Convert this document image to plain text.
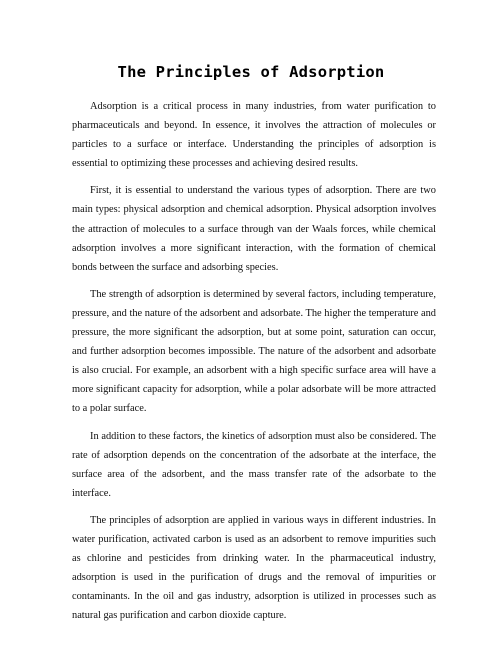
The Principles of Adsorption

Adsorption is a critical process in many industries, from water purification to pharmaceuticals and beyond. In essence, it involves the attraction of molecules or particles to a surface or interface. Understanding the principles of adsorption is essential to optimizing these processes and achieving desired results.

First, it is essential to understand the various types of adsorption. There are two main types: physical adsorption and chemical adsorption. Physical adsorption involves the attraction of molecules to a surface through van der Waals forces, while chemical adsorption involves a more significant interaction, with the formation of chemical bonds between the surface and adsorbing species.

The strength of adsorption is determined by several factors, including temperature, pressure, and the nature of the adsorbent and adsorbate. The higher the temperature and pressure, the more significant the adsorption, but at some point, saturation can occur, and further adsorption becomes impossible. The nature of the adsorbent and adsorbate is also crucial. For example, an adsorbent with a high specific surface area will have a more significant capacity for adsorption, while a polar adsorbate will be more attracted to a polar surface.

In addition to these factors, the kinetics of adsorption must also be considered. The rate of adsorption depends on the concentration of the adsorbate at the interface, the surface area of the adsorbent, and the mass transfer rate of the adsorbate to the interface.

The principles of adsorption are applied in various ways in different industries. In water purification, activated carbon is used as an adsorbent to remove impurities such as chlorine and pesticides from drinking water. In the pharmaceutical industry, adsorption is used in the purification of drugs and the removal of impurities or contaminants. In the oil and gas industry, adsorption is utilized in processes such as natural gas purification and carbon dioxide capture.
